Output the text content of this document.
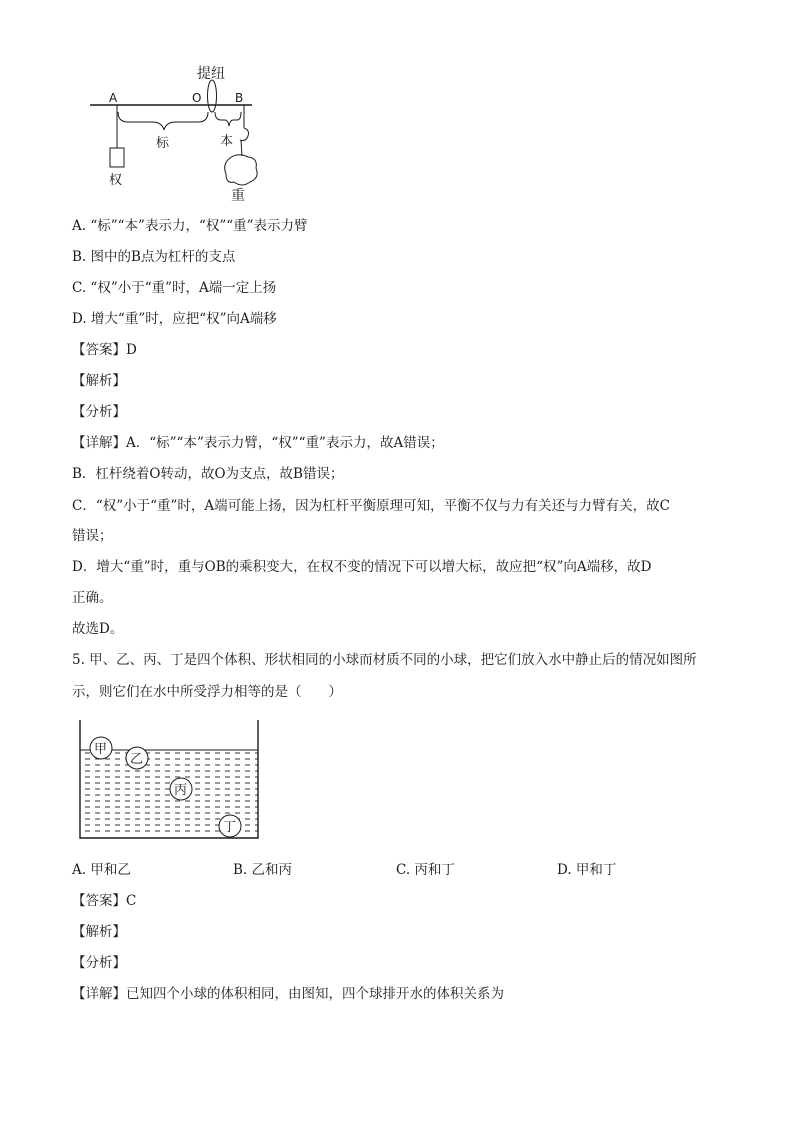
A	O	B
提纽
权
标	本
重
A. “标”“本”表示力，“权”“重”表示力臂
B. 图中的B点为杠杆的支点
C. “权”小于“重”时，A端一定上扬
D. 增大“重”时，应把“权”向A端移
【答案】D
【解析】
【分析】
【详解】A．“标”“本”表示力臂，“权”“重”表示力，故A错误；
B．杠杆绕着O转动，故O为支点，故B错误；
C．“权”小于“重”时，A端可能上扬，因为杠杆平衡原理可知，平衡不仅与力有关还与力臂有关，故C
错误；
D．增大“重”时，重与OB的乘积变大，在权不变的情况下可以增大标，故应把“权”向A端移，故D
正确。
故选D。
5. 甲、乙、丙、丁是四个体积、形状相同的小球而材质不同的小球，把它们放入水中静止后的情况如图所
示，则它们在水中所受浮力相等的是（　　）
甲
乙
丙
丁
A. 甲和乙	B. 乙和丙	C. 丙和丁	D. 甲和丁
【答案】C
【解析】
【分析】
【详解】已知四个小球的体积相同，由图知，四个球排开水的体积关系为
